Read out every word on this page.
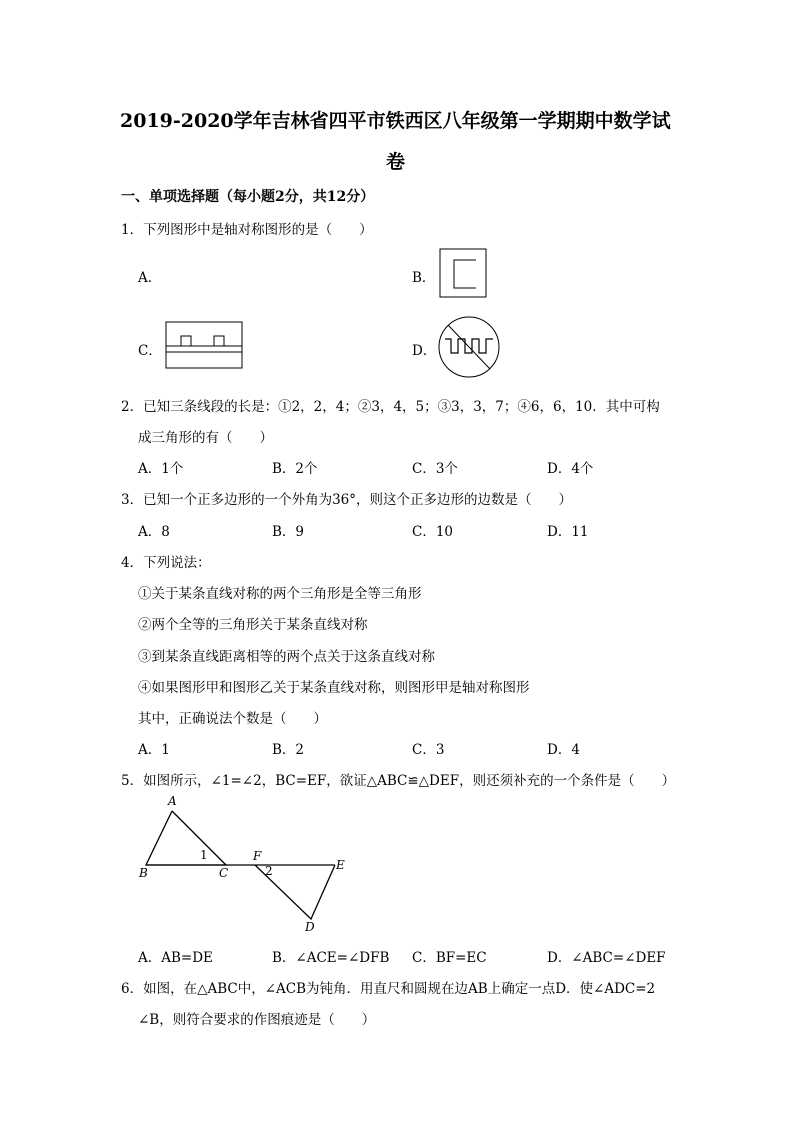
2019-2020学年吉林省四平市铁西区八年级第一学期期中数学试
卷
一、单项选择题（每小题2分，共12分）
1．下列图形中是轴对称图形的是（　　）
A．	B．
C．	D．
2．已知三条线段的长是：①2，2，4；②3，4，5；③3，3，7；④6，6，10．其中可构
成三角形的有（　　）
A．1个	B．2个	C．3个	D．4个
3．已知一个正多边形的一个外角为36°，则这个正多边形的边数是（　　）
A．8	B．9	C．10	D．11
4．下列说法：
①关于某条直线对称的两个三角形是全等三角形
②两个全等的三角形关于某条直线对称
③到某条直线距离相等的两个点关于这条直线对称
④如果图形甲和图形乙关于某条直线对称，则图形甲是轴对称图形
其中，正确说法个数是（　　）
A．1	B．2	C．3	D．4
5．如图所示，∠1=∠2，BC=EF，欲证△ABC≌△DEF，则还须补充的一个条件是（　　）
A
1
B	C
F
2	E
D
A．AB=DE	B．∠ACE=∠DFB C．BF=EC	D．∠ABC=∠DEF
6．如图，在△ABC中，∠ACB为钝角．用直尺和圆规在边AB上确定一点D．使∠ADC=2
∠B，则符合要求的作图痕迹是（　　）
